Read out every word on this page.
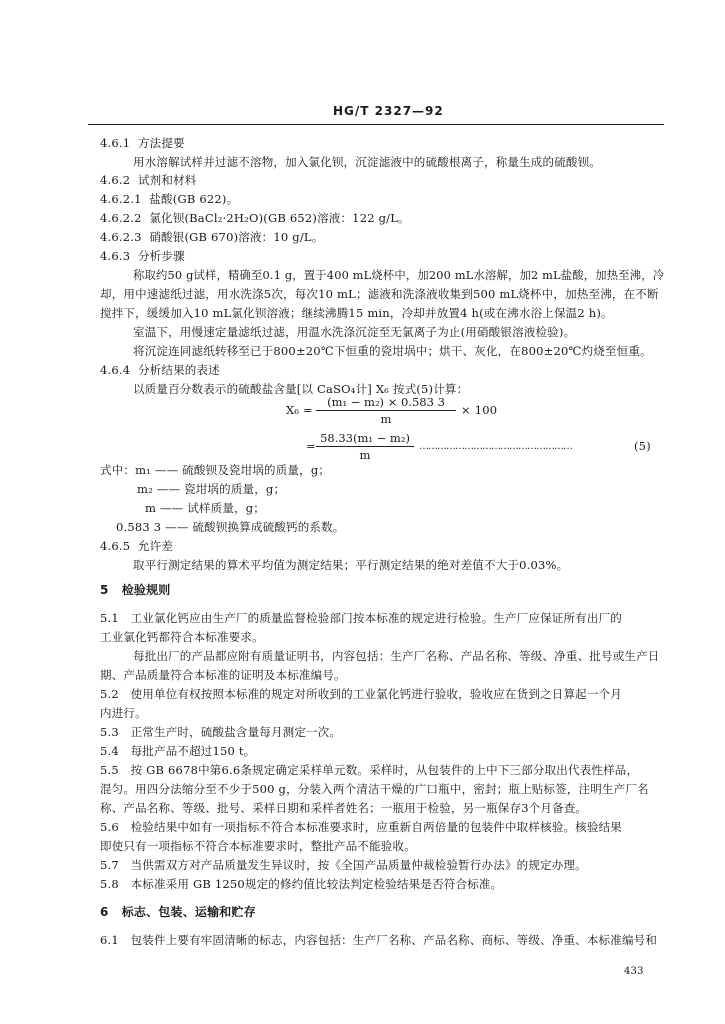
HG/T 2327—92
4.6.1 方法提要
用水溶解试样并过滤不溶物，加入氯化钡，沉淀滤液中的硫酸根离子，称量生成的硫酸钡。
4.6.2 试剂和材料
4.6.2.1 盐酸(GB 622)。
4.6.2.2 氯化钡(BaCl₂·2H₂O)(GB 652)溶液：122 g/L。
4.6.2.3 硝酸银(GB 670)溶液：10 g/L。
4.6.3 分析步骤
称取约50 g试样，精确至0.1 g，置于400 mL烧杯中，加200 mL水溶解，加2 mL盐酸，加热至沸，冷
却，用中速滤纸过滤，用水洗涤5次，每次10 mL；滤液和洗涤液收集到500 mL烧杯中，加热至沸，在不断
搅拌下，缓缓加入10 mL氯化钡溶液；继续沸腾15 min，冷却并放置4 h(或在沸水浴上保温2 h)。
室温下，用慢速定量滤纸过滤，用温水洗涤沉淀至无氯离子为止(用硝酸银溶液检验)。
将沉淀连同滤纸转移至已于800±20℃下恒重的瓷坩埚中；烘干、灰化，在800±20℃灼烧至恒重。
4.6.4 分析结果的表述
以质量百分数表示的硫酸盐含量[以 CaSO₄计] X₆ 按式(5)计算：
X₆ =
(m₁ − m₂) × 0.583 3
m
× 100
=
58.33(m₁ − m₂)
m
……………………………………………	(5)
式中：m₁ —— 硫酸钡及瓷坩埚的质量，g；
m₂ —— 瓷坩埚的质量，g；
m —— 试样质量，g；
0.583 3 —— 硫酸钡换算成硫酸钙的系数。
4.6.5 允许差
取平行测定结果的算术平均值为测定结果；平行测定结果的绝对差值不大于0.03%。
5 检验规则
5.1　工业氯化钙应由生产厂的质量监督检验部门按本标准的规定进行检验。生产厂应保证所有出厂的
工业氯化钙都符合本标准要求。
每批出厂的产品都应附有质量证明书，内容包括：生产厂名称、产品名称、等级、净重、批号或生产日
期、产品质量符合本标准的证明及本标准编号。
5.2　使用单位有权按照本标准的规定对所收到的工业氯化钙进行验收，验收应在货到之日算起一个月
内进行。
5.3　正常生产时，硫酸盐含量每月测定一次。
5.4　每批产品不超过150 t。
5.5　按 GB 6678中第6.6条规定确定采样单元数。采样时，从包装件的上中下三部分取出代表性样品，
混匀。用四分法缩分至不少于500 g，分装入两个清洁干燥的广口瓶中，密封；瓶上贴标签，注明生产厂名
称、产品名称、等级、批号、采样日期和采样者姓名；一瓶用于检验，另一瓶保存3个月备查。
5.6　检验结果中如有一项指标不符合本标准要求时，应重新自两倍量的包装件中取样核验。核验结果
即使只有一项指标不符合本标准要求时，整批产品不能验收。
5.7　当供需双方对产品质量发生异议时，按《全国产品质量仲裁检验暂行办法》的规定办理。
5.8　本标准采用 GB 1250规定的修约值比较法判定检验结果是否符合标准。
6 标志、包装、运输和贮存
6.1　包装件上要有牢固清晰的标志，内容包括：生产厂名称、产品名称、商标、等级、净重、本标准编号和
433
